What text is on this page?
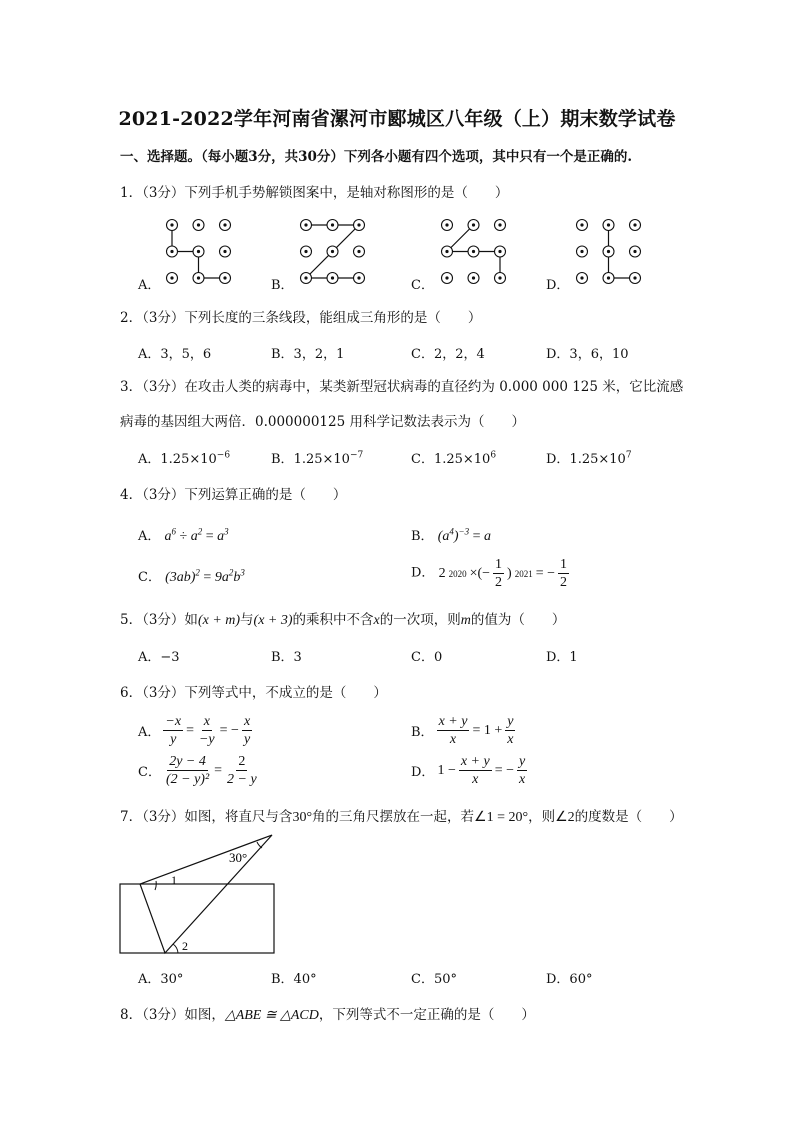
2021-2022学年河南省漯河市郾城区八年级（上）期末数学试卷
一、选择题。（每小题3分，共30分）下列各小题有四个选项，其中只有一个是正确的.
1．（3分）下列手机手势解锁图案中，是轴对称图形的是（　　）
A．	B．	C．	D．
2．（3分）下列长度的三条线段，能组成三角形的是（　　）
A．3，5，6	B．3，2，1	C．2，2，4	D．3，6，10
3．（3分）在攻击人类的病毒中，某类新型冠状病毒的直径约为 0.000 000 125 米，它比流感
病毒的基因组大两倍．0.000000125 用科学记数法表示为（　　）
A．$1.25\times 10^{-6}$	B．$1.25\times 10^{-7}$	C．$1.25\times 10^6$	D．$1.25\times 10^7$
4．（3分）下列运算正确的是（　　）
A． $a^6 \div a^2 = a^3$	B． $(a^4)^{-3} = a$
C． $(3ab)^2 = 9a^2b^3$	D． 2 2020 ×(− $\frac{1}{2}$ ) 2021 = − $\frac{1}{2}$
5．（3分）如(x + m)与(x + 3)的乘积中不含x的一次项，则m的值为（　　）
A．−3	B．3	C．0	D．1
6．（3分）下列等式中，不成立的是（　　）
A． $\frac{-x}{y} = \frac{x}{-y}$ = − $\frac{x}{y}$	B． $\frac{x + y}{x} = 1 + \frac{y}{x}$
C． $\frac{2y - 4}{\text{(2 − y)²}} = \frac{2}{2 - y}$	D． $1 - \frac{x + y}{x}$ = − $\frac{y}{x}$
7．（3分）如图，将直尺与含30°角的三角尺摆放在一起，若∠1 = 20°，则∠2的度数是（　　）
30°
1
2
A．30°	B．40°	C．50°	D．60°
8．（3分）如图，△ABE ≅ △ACD，下列等式不一定正确的是（　　）
